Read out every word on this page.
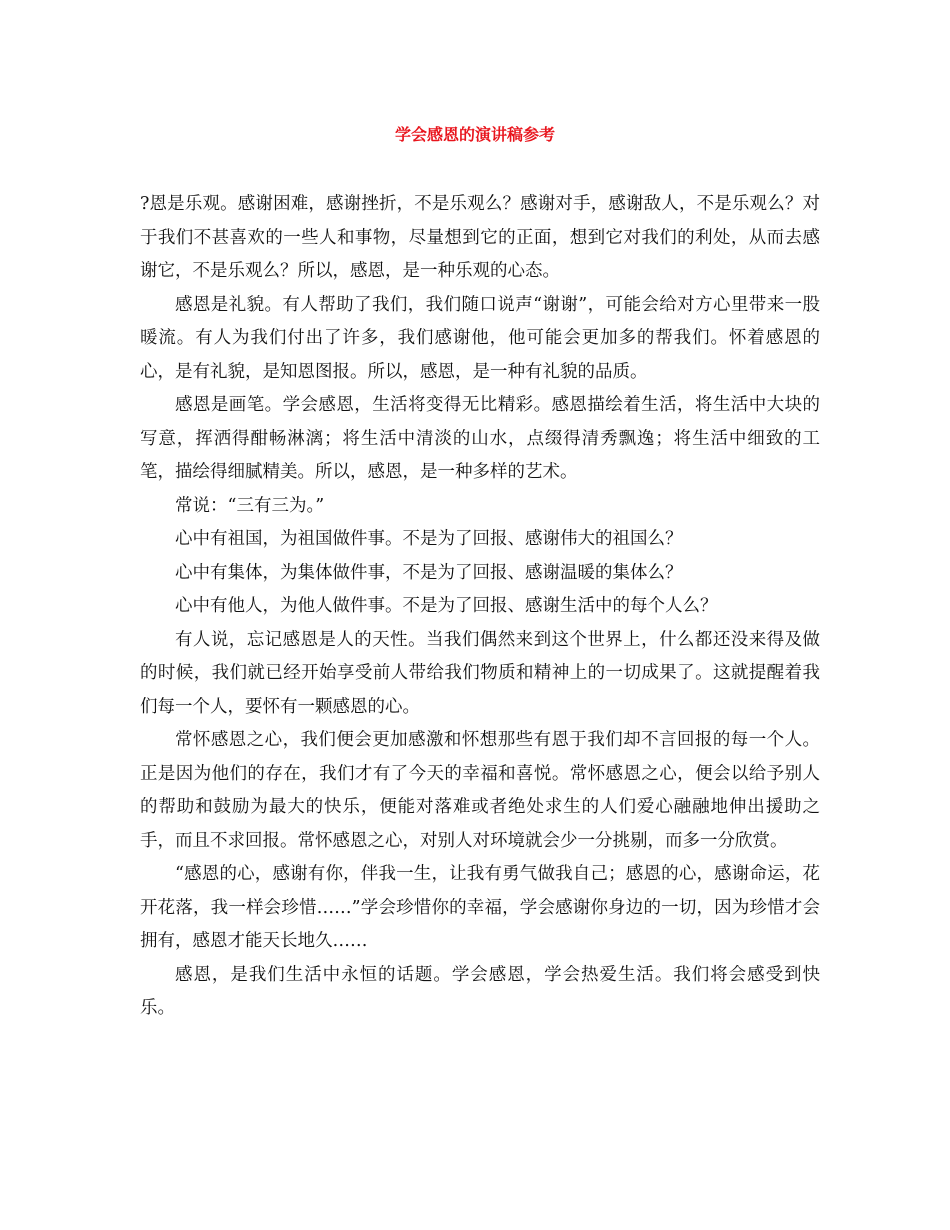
学会感恩的演讲稿参考

?恩是乐观。感谢困难，感谢挫折，不是乐观么？感谢对手，感谢敌人，不是乐观么？对于我们不甚喜欢的一些人和事物，尽量想到它的正面，想到它对我们的利处，从而去感谢它，不是乐观么？所以，感恩，是一种乐观的心态。

感恩是礼貌。有人帮助了我们，我们随口说声“谢谢”，可能会给对方心里带来一股暖流。有人为我们付出了许多，我们感谢他，他可能会更加多的帮我们。怀着感恩的心，是有礼貌，是知恩图报。所以，感恩，是一种有礼貌的品质。

感恩是画笔。学会感恩，生活将变得无比精彩。感恩描绘着生活，将生活中大块的写意，挥洒得酣畅淋漓；将生活中清淡的山水，点缀得清秀飘逸；将生活中细致的工笔，描绘得细腻精美。所以，感恩，是一种多样的艺术。

常说：“三有三为。”

心中有祖国，为祖国做件事。不是为了回报、感谢伟大的祖国么？

心中有集体，为集体做件事，不是为了回报、感谢温暖的集体么？

心中有他人，为他人做件事。不是为了回报、感谢生活中的每个人么？

有人说，忘记感恩是人的天性。当我们偶然来到这个世界上，什么都还没来得及做的时候，我们就已经开始享受前人带给我们物质和精神上的一切成果了。这就提醒着我们每一个人，要怀有一颗感恩的心。

常怀感恩之心，我们便会更加感激和怀想那些有恩于我们却不言回报的每一个人。正是因为他们的存在，我们才有了今天的幸福和喜悦。常怀感恩之心，便会以给予别人的帮助和鼓励为最大的快乐，便能对落难或者绝处求生的人们爱心融融地伸出援助之手，而且不求回报。常怀感恩之心，对别人对环境就会少一分挑剔，而多一分欣赏。

“感恩的心，感谢有你，伴我一生，让我有勇气做我自己；感恩的心，感谢命运，花开花落，我一样会珍惜……”学会珍惜你的幸福，学会感谢你身边的一切，因为珍惜才会拥有，感恩才能天长地久……

感恩，是我们生活中永恒的话题。学会感恩，学会热爱生活。我们将会感受到快乐。
